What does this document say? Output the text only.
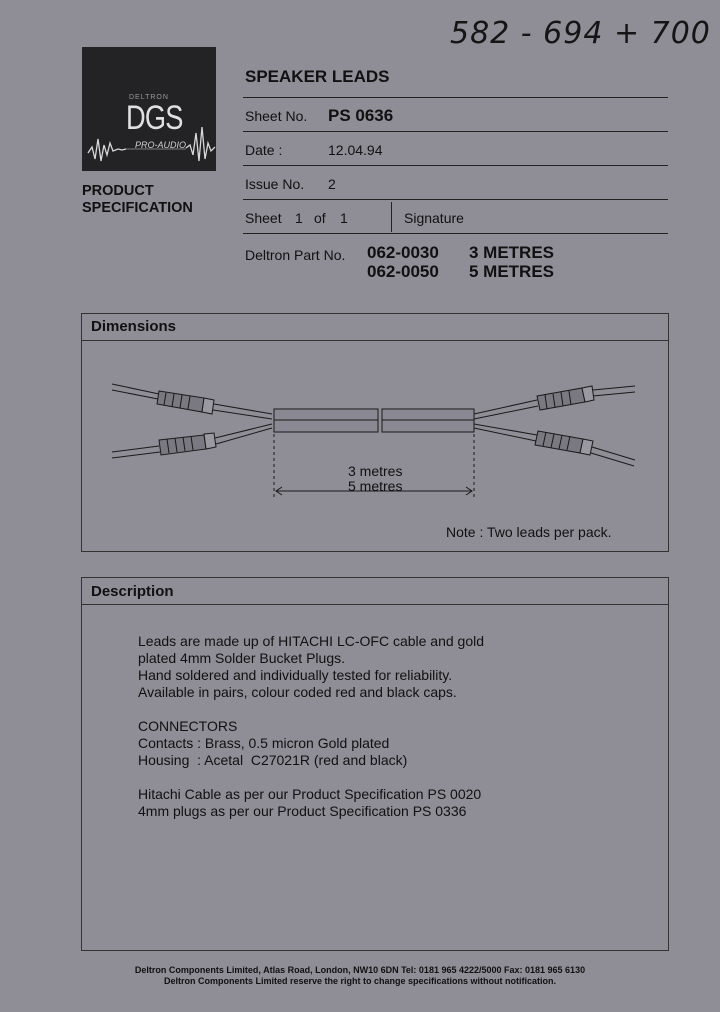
582 - 694 + 700
DELTRON
DGS
PRO-AUDIO
PRODUCT
SPECIFICATION
SPEAKER LEADS
Sheet No. PS 0636
Date :	12.04.94
Issue No. 2
Sheet 1 of 1	Signature
Deltron Part No. 062-0030 3 METRES
062-0050 5 METRES
Dimensions
3 metres
5 metres
Note : Two leads per pack.
Description

Leads are made up of HITACHI LC-OFC cable and gold

plated 4mm Solder Bucket Plugs.

Hand soldered and individually tested for reliability.

Available in pairs, colour coded red and black caps.

CONNECTORS

Contacts : Brass, 0.5 micron Gold plated

Housing  : Acetal  C27021R (red and black)

Hitachi Cable as per our Product Specification PS 0020

4mm plugs as per our Product Specification PS 0336

Deltron Components Limited, Atlas Road, London, NW10 6DN Tel: 0181 965 4222/5000 Fax: 0181 965 6130
Deltron Components Limited reserve the right to change specifications without notification.
